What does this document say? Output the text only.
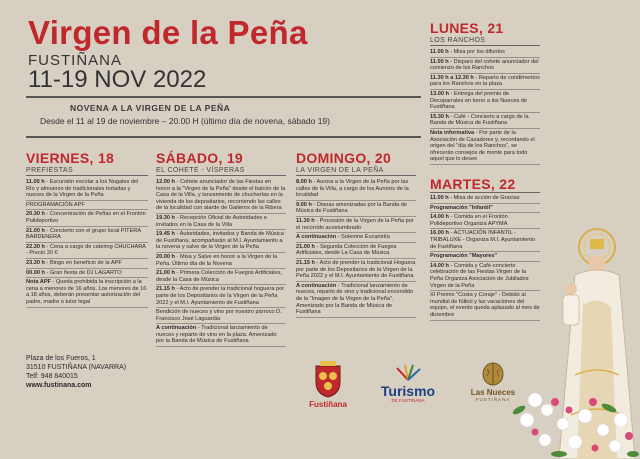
Virgen de la Peña
FUSTIÑANA
11-19 NOV 2022
NOVENA A LA VIRGEN DE LA PEÑA
Desde el 11 al 19 de noviembre – 20.00 H (último día de novena, sábado 19)
VIERNES, 18
PREFIESTAS
11.00 h - Excursión escolar a los Nogales del Río y almuerzo de tradicionales tortadas y nueces de la Virgen de la Peña
PROGRAMACIÓN APF
20.30 h - Concentración de Peñas en el Frontón Polideportivo
21.00 h - Concierto con el grupo local PITERA BARDENERA
22.30 h - Cena a cargo de catering CHUCHARA - Precio 20 €
23.30 h - Bingo en beneficio de la APF
00.00 h - Gran fiesta de DJ LAGARTO
Nota APF - Queda prohibida la inscripción a la cena a menores de 16 años. Los menores de 16 a 18 años, deberán presentar autorización del padre, madre o tutor legal
SÁBADO, 19
EL COHETE - VÍSPERAS
12.00 h - Cohete anunciador de las Fiestas en honor a la "Virgen de la Peña" desde el balcón de la Casa de la Villa, y lanzamiento de chucherías en la vivienda de los depositarios, recorriendo las calles de la localidad con alarde de Gaiteros de la Ribera
19.30 h - Recepción Oficial de Autoridades e invitados en la Casa de la Villa
19.45 h - Autoridades, invitados y Banda de Música de Fustiñana, acompañarán al M.I. Ayuntamiento a la novena y salve de la Virgen de la Peña
20.00 h - Misa y Salve en honor a la Virgen de la Peña. Último día de la Novena
21.00 h - Primera Colección de Fuegos Artificiales, desde la Casa de Música
21.15 h - Acto de prender la tradicional hoguera por parte de los Depositarios de la Virgen de la Peña 2022 y el M.I. Ayuntamiento de Fustiñana
Bendición de nueces y vino por nuestro párroco D. Francisco José Laguardia
A continuación - Tradicional lanzamiento de nueces y reparto de vino en la plaza. Amenizado por la Banda de Música de Fustiñana
DOMINGO, 20
LA VIRGEN DE LA PEÑA
8.00 h - Aurora a la Virgen de la Peña por las calles de la Villa, a cargo de los Auroros de la localidad
9.00 h - Dianas amenizadas por la Banda de Música de Fustiñana
11.30 h - Procesión de la Virgen de la Peña por el recorrido acostumbrado
A continuación - Solemne Eucaristía
21.00 h - Segunda Colección de Fuegos Artificiales, desde La Casa de Música
21.15 h - Acto de prender la tradicional Hoguera por parte de los Depositarios de la Virgen de la Peña 2022 y el M.I. Ayuntamiento de Fustiñana
A continuación - Tradicional lanzamiento de nueces, reparto de vino y tradicional encendido de la "Imagen de la Virgen de la Peña". Amenizado por la Banda de Música de Fustiñana
LUNES, 21
LOS RANCHOS
11.00 h - Misa por los difuntos
11.00 h - Disparo del cohete anunciador del comienzo de los Ranchos
11.30 h a 12.30 h - Reparto de condimentos para los Ranchos en la plaza
13.00 h - Entrega del premio de Decoparrales en torno a los Nueces de Fustiñana
15.30 h - Café - Concierto a cargo de la Banda de Música de Fustiñana
Nota informativa - Por parte de la Asociación de Cazadores y, recordando el origen del "día de los Ranchos", se ofrecerán consejos de monte para todo aquel que lo desee
MARTES, 22
11.00 h - Misa de acción de Gracias
Programación "Infantil"
14.00 h - Comida en el Frontón Polideportivo Organiza APYMA
16.00 h - ACTUACIÓN INFANTIL - TRIBALUXE - Organiza M.I. Ayuntamiento de Fustiñana
Programación "Mayores"
14.00 h - Comida y Café-concierto celebración de las Fiestas Virgen de la Peña Organiza Asociación de Jubilados Virgen de la Peña
XI Premio "Costa y Coraje" - Debido al mundial de fútbol y las vacaciones del equipo, el evento queda aplazado al mes de diciembre
Plaza de los Fueros, 1
31510 FUSTIÑANA (NAVARRA)
Telf: 948 840015
www.fustinana.com
Fustiñana
Turismo
DE FUSTIÑANA
Las Nueces
FUSTIÑANA
